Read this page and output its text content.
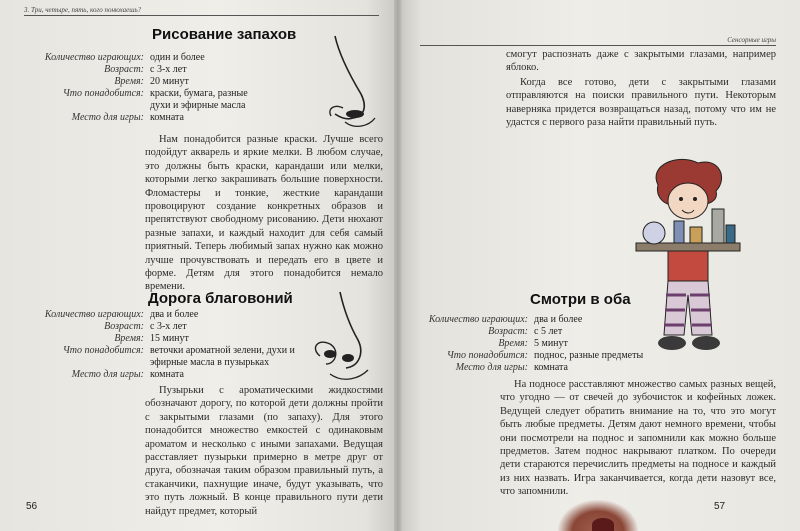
3. Три, четыре, пять, кого понюхаешь?
Рисование запахов
Количество играющих: один и более
Возраст: с 3-х лет
Время: 20 минут
Что понадобится: краски, бумага, разные духи и эфирные масла
Место для игры: комната
Нам понадобится разные краски. Лучше всего подойдут акварель и яркие мелки. В любом случае, это должны быть краски, карандаши или мелки, которыми легко закрашивать большие поверхности. Фломастеры и тонкие, жесткие карандаши провоцируют создание конкретных образов и препятствуют свободному рисованию. Дети нюхают разные запахи, и каждый находит для себя самый приятный. Теперь любимый запах нужно как можно лучше прочувствовать и передать его в цвете и форме. Детям для этого понадобится немало времени.
Дорога благовоний
Количество играющих: два и более
Возраст: с 3-х лет
Время: 15 минут
Что понадобится: веточки ароматной зелени, духи и эфирные масла в пузырьках
Место для игры: комната
Пузырьки с ароматическими жидкостями обозначают дорогу, по которой дети должны пройти с закрытыми глазами (по запаху). Для этого понадобится множество емкостей с одинаковым ароматом и несколько с иными запахами. Ведущая расставляет пузырьки примерно в метре друг от друга, обозначая таким образом правильный путь, а стаканчики, пахнущие иначе, будут указывать, что это путь ложный. В конце правильного пути дети найдут предмет, который
56
Сенсорные игры
смогут распознать даже с закрытыми глазами, например яблоко.
Когда все готово, дети с закрытыми глазами отправляются на поиски правильного пути. Некоторым наверняка придется возвращаться назад, потому что им не удастся с первого раза найти правильный путь.
Смотри в оба
Количество играющих: два и более
Возраст: с 5 лет
Время: 5 минут
Что понадобится: поднос, разные предметы
Место для игры: комната
На подносе расставляют множество самых разных вещей, что угодно — от свечей до зубочисток и кофейных ложек. Ведущей следует обратить внимание на то, что это могут быть любые предметы. Детям дают немного времени, чтобы они посмотрели на поднос и запомнили как можно больше предметов. Затем поднос накрывают платком. По очереди дети стараются перечислить предметы на подносе и каждый из них назвать. Игра заканчивается, когда дети назовут все, что запомнили.
57
